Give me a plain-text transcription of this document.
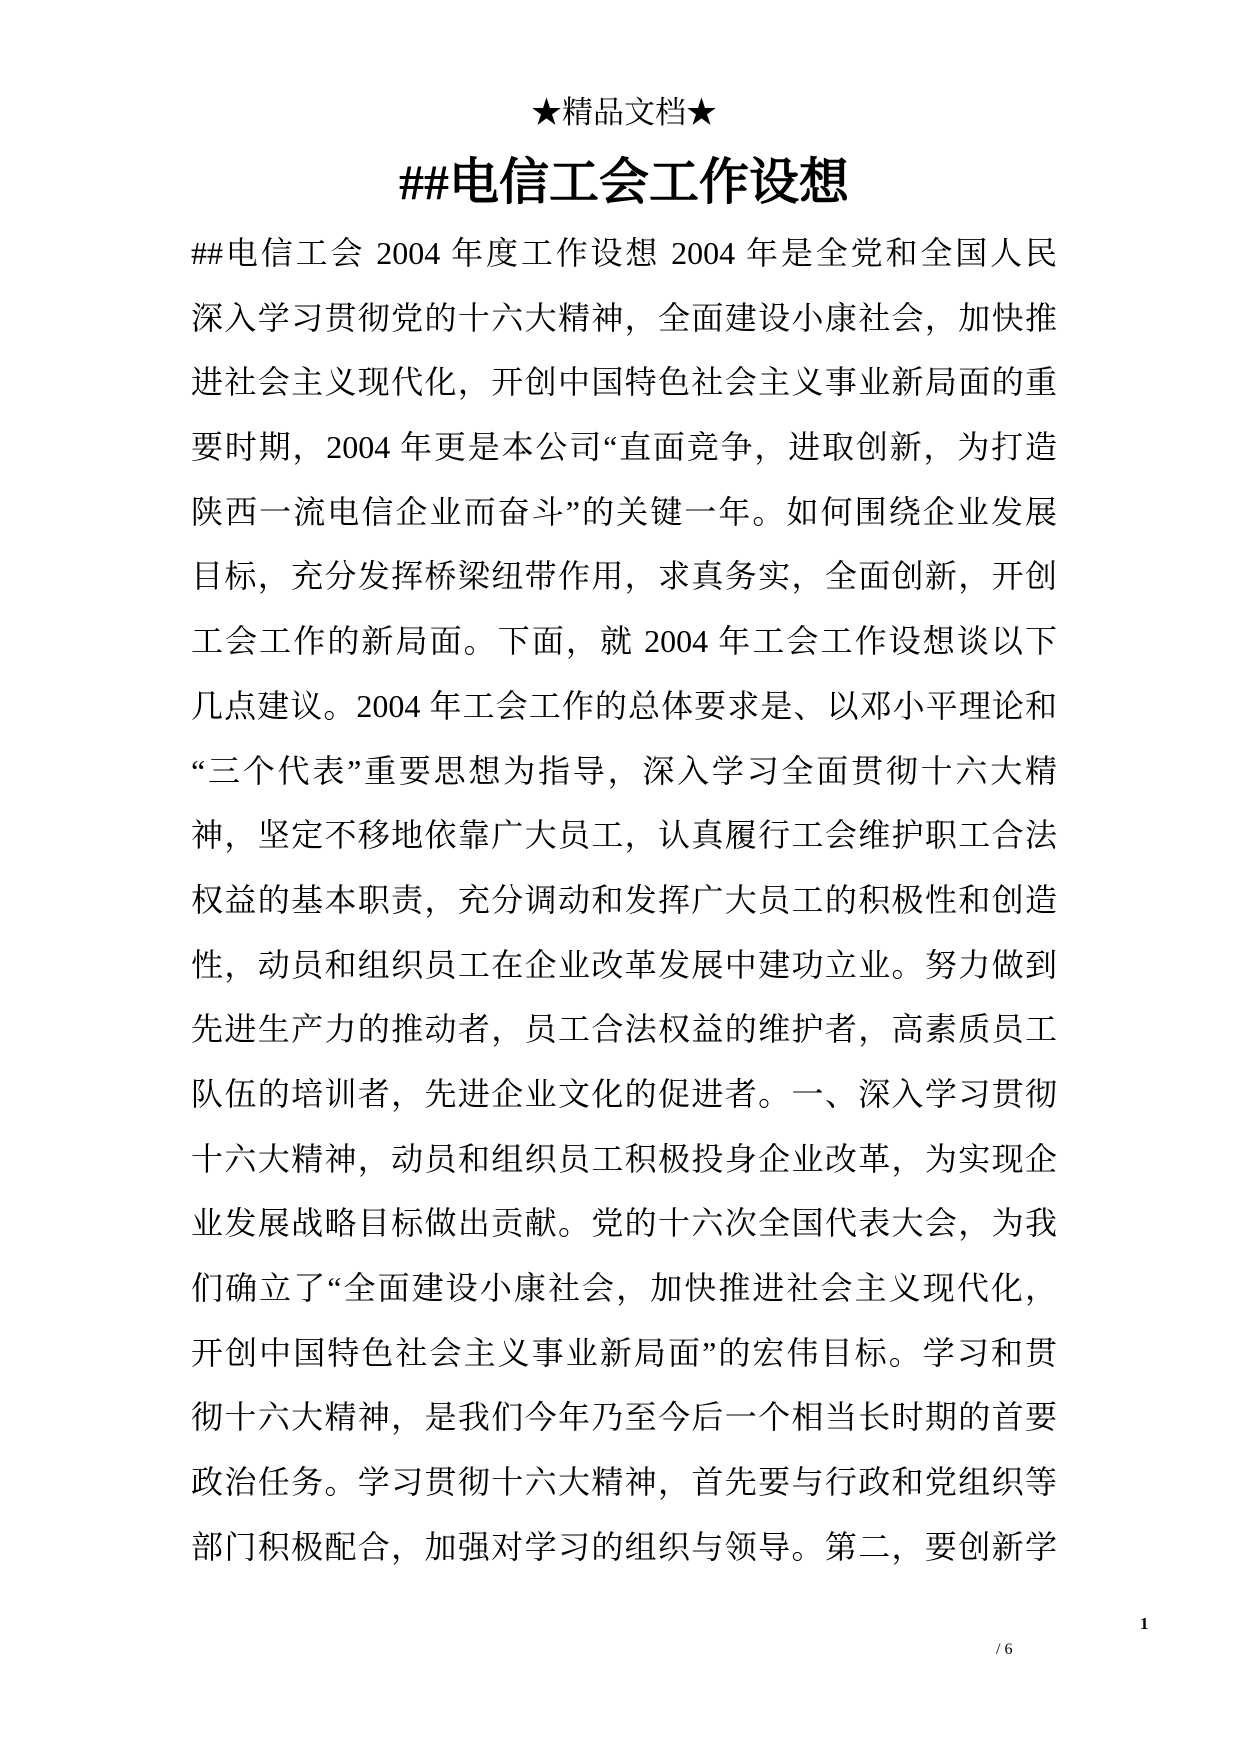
★精品文档★
##电信工会工作设想
##电信工会 2004 年度工作设想 2004 年是全党和全国人民
深入学习贯彻党的十六大精神，全面建设小康社会，加快推
进社会主义现代化，开创中国特色社会主义事业新局面的重
要时期，2004 年更是本公司“直面竞争，进取创新，为打造
陕西一流电信企业而奋斗”的关键一年。如何围绕企业发展
目标，充分发挥桥梁纽带作用，求真务实，全面创新，开创
工会工作的新局面。下面，就 2004 年工会工作设想谈以下
几点建议。2004 年工会工作的总体要求是、以邓小平理论和
“三个代表”重要思想为指导，深入学习全面贯彻十六大精
神，坚定不移地依靠广大员工，认真履行工会维护职工合法
权益的基本职责，充分调动和发挥广大员工的积极性和创造
性，动员和组织员工在企业改革发展中建功立业。努力做到
先进生产力的推动者，员工合法权益的维护者，高素质员工
队伍的培训者，先进企业文化的促进者。一、深入学习贯彻
十六大精神，动员和组织员工积极投身企业改革，为实现企
业发展战略目标做出贡献。党的十六次全国代表大会，为我
们确立了“全面建设小康社会，加快推进社会主义现代化，
开创中国特色社会主义事业新局面”的宏伟目标。学习和贯
彻十六大精神，是我们今年乃至今后一个相当长时期的首要
政治任务。学习贯彻十六大精神，首先要与行政和党组织等
部门积极配合，加强对学习的组织与领导。第二，要创新学
1
/ 6
